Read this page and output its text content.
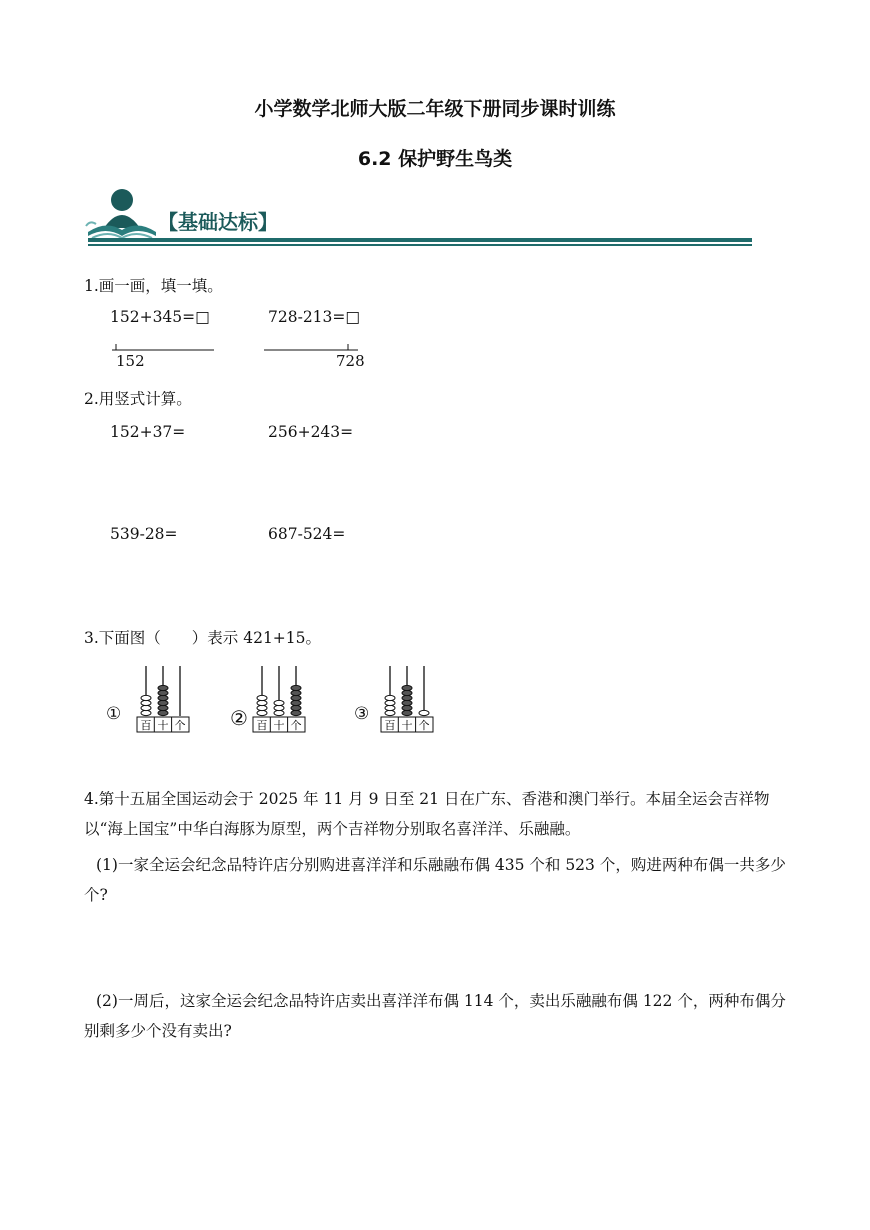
小学数学北师大版二年级下册同步课时训练
6.2 保护野生鸟类
【基础达标】
1.画一画，填一填。
152+345=□	728-213=□
152	728
2.用竖式计算。
152+37=	256+243=
539-28=	687-524=
3.下面图（　　）表示 421+15。
①
百 十 个 ② 百 十 个
③
百 十 个
4.第十五届全国运动会于 2025 年 11 月 9 日至 21 日在广东、香港和澳门举行。本届全运会吉祥物以“海上国宝”中华白海豚为原型，两个吉祥物分别取名喜洋洋、乐融融。
(1)一家全运会纪念品特许店分别购进喜洋洋和乐融融布偶 435 个和 523 个，购进两种布偶一共多少个?
(2)一周后，这家全运会纪念品特许店卖出喜洋洋布偶 114 个，卖出乐融融布偶 122 个，两种布偶分别剩多少个没有卖出?
